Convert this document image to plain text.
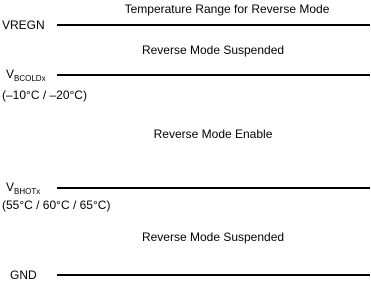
Temperature Range for Reverse Mode
VREGN
Reverse Mode Suspended
$V_{BCOLDx}$
(–10°C / –20°C)
Reverse Mode Enable
$V_{BHOTx}$
(55°C / 60°C / 65°C)
Reverse Mode Suspended
GND
